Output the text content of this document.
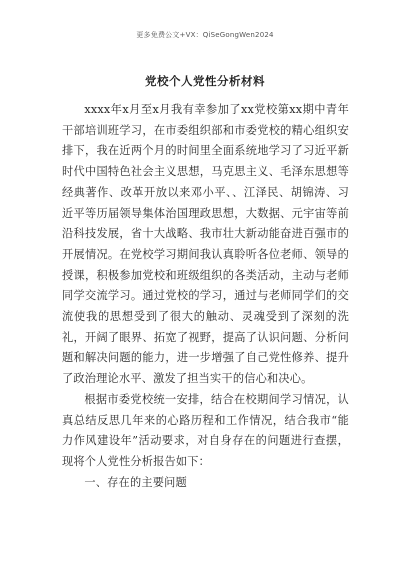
更多免费公文+VX：QiSeGongWen2024
党校个人党性分析材料

xxxx年x月至x月我有幸参加了xx党校第xx期中青年干部培训班学习，在市委组织部和市委党校的精心组织安排下，我在近两个月的时间里全面系统地学习了习近平新时代中国特色社会主义思想，马克思主义、毛泽东思想等经典著作、改革开放以来邓小平、、江泽民、胡锦涛、习近平等历届领导集体治国理政思想，大数据、元宇宙等前沿科技发展，省十大战略、我市壮大新动能奋进百强市的开展情况。在党校学习期间我认真聆听各位老师、领导的授课，积极参加党校和班级组织的各类活动，主动与老师同学交流学习。通过党校的学习，通过与老师同学们的交流使我的思想受到了很大的触动、灵魂受到了深刻的洗礼，开阔了眼界、拓宽了视野，提高了认识问题、分析问题和解决问题的能力，进一步增强了自己党性修养、提升了政治理论水平、激发了担当实干的信心和决心。

根据市委党校统一安排，结合在校期间学习情况，认真总结反思几年来的心路历程和工作情况，结合我市“能力作风建设年”活动要求，对自身存在的问题进行查摆，现将个人党性分析报告如下：

一、存在的主要问题
